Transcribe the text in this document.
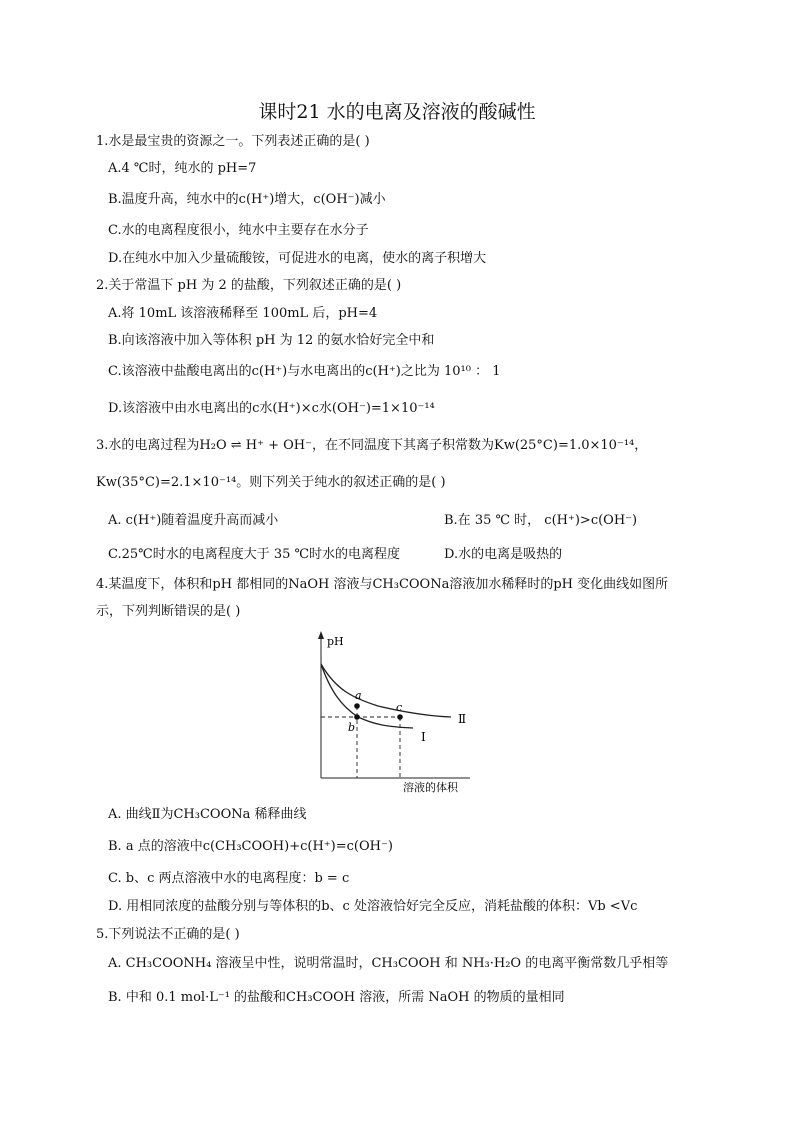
课时21 水的电离及溶液的酸碱性
1.水是最宝贵的资源之一。下列表述正确的是( )
A.4 ℃时，纯水的 pH=7
B.温度升高，纯水中的c(H⁺)增大，c(OH⁻)减小
C.水的电离程度很小，纯水中主要存在水分子
D.在纯水中加入少量硫酸铵，可促进水的电离，使水的离子积增大
2.关于常温下 pH 为 2 的盐酸，下列叙述正确的是( )
A.将 10mL 该溶液稀释至 100mL 后，pH=4
B.向该溶液中加入等体积 pH 为 12 的氨水恰好完全中和
C.该溶液中盐酸电离出的c(H⁺)与水电离出的c(H⁺)之比为 10¹⁰ ： 1
D.该溶液中由水电离出的c水(H⁺)×c水(OH⁻)=1×10⁻¹⁴
3.水的电离过程为H₂O ⇌ H⁺ + OH⁻，在不同温度下其离子积常数为Kw(25°C)=1.0×10⁻¹⁴，
Kw(35°C)=2.1×10⁻¹⁴。则下列关于纯水的叙述正确的是( )
A. c(H⁺)随着温度升高而减小	B.在 35 ℃ 时， c(H⁺)>c(OH⁻)
C.25℃时水的电离程度大于 35 ℃时水的电离程度	D.水的电离是吸热的
4.某温度下，体积和pH 都相同的NaOH 溶液与CH₃COONa溶液加水稀释时的pH 变化曲线如图所
示，下列判断错误的是( )
pH
溶液的体积
a
b
c
Ⅰ
Ⅱ
A. 曲线Ⅱ为CH₃COONa 稀释曲线
B. a 点的溶液中c(CH₃COOH)+c(H⁺)=c(OH⁻)
C. b、c 两点溶液中水的电离程度：b = c
D. 用相同浓度的盐酸分别与等体积的b、c 处溶液恰好完全反应，消耗盐酸的体积：Vb <Vc
5.下列说法不正确的是( )
A. CH₃COONH₄ 溶液呈中性，说明常温时，CH₃COOH 和 NH₃·H₂O 的电离平衡常数几乎相等
B. 中和 0.1 mol·L⁻¹ 的盐酸和CH₃COOH 溶液，所需 NaOH 的物质的量相同
